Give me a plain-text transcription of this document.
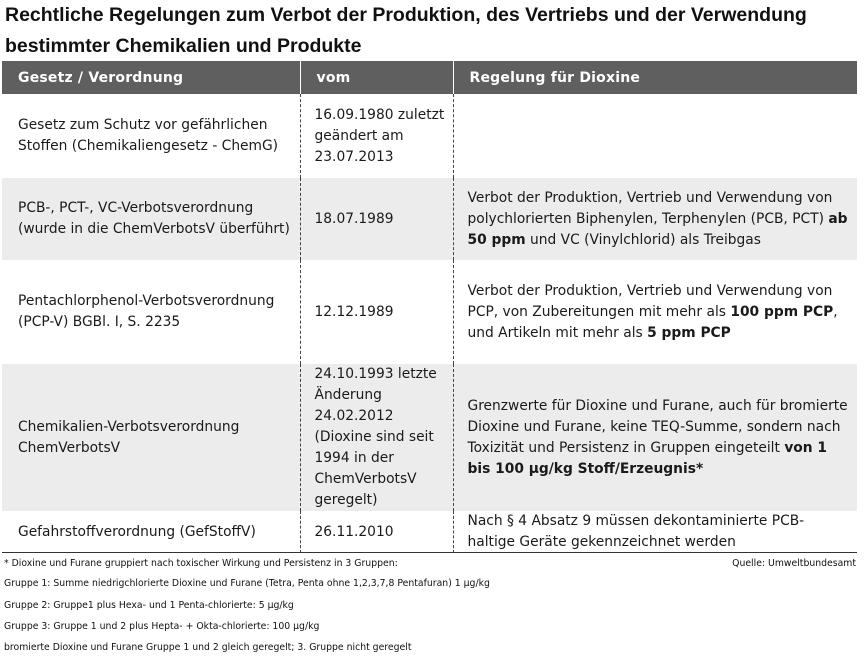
Rechtliche Regelungen zum Verbot der Produktion, des Vertriebs und der Verwendung bestimmter Chemikalien und Produkte
Gesetz / Verordnung	vom	Regelung für Dioxine
Gesetz zum Schutz vor gefährlichen Stoffen (Chemikaliengesetz - ChemG)	16.09.1980 zuletzt geändert am 23.07.2013	
PCB-, PCT-, VC-Verbotsverordnung (wurde in die ChemVerbotsV überführt)	18.07.1989	Verbot der Produktion, Vertrieb und Verwendung von polychlorierten Biphenylen, Terphenylen (PCB, PCT) ab 50 ppm und VC (Vinylchlorid) als Treibgas
Pentachlorphenol-Verbotsverordnung (PCP-V) BGBl. I, S. 2235	12.12.1989	Verbot der Produktion, Vertrieb und Verwendung von PCP, von Zubereitungen mit mehr als 100 ppm PCP, und Artikeln mit mehr als 5 ppm PCP
Chemikalien-Verbotsverordnung ChemVerbotsV	24.10.1993 letzte Änderung 24.02.2012 (Dioxine sind seit 1994 in der ChemVerbotsV geregelt)	Grenzwerte für Dioxine und Furane, auch für bromierte Dioxine und Furane, keine TEQ-Summe, sondern nach Toxizität und Persistenz in Gruppen eingeteilt von 1 bis 100 µg/kg Stoff/Erzeugnis*
Gefahrstoffverordnung (GefStoffV)	26.11.2010	Nach § 4 Absatz 9 müssen dekontaminierte PCB-haltige Geräte gekennzeichnet werden
* Dioxine und Furane gruppiert nach toxischer Wirkung und Persistenz in 3 Gruppen:	Quelle: Umweltbundesamt
Gruppe 1: Summe niedrigchlorierte Dioxine und Furane (Tetra, Penta ohne 1,2,3,7,8 Pentafuran) 1 µg/kg
Gruppe 2: Gruppe1 plus Hexa- und 1 Penta-chlorierte: 5 µg/kg
Gruppe 3: Gruppe 1 und 2 plus Hepta- + Okta-chlorierte: 100 µg/kg
bromierte Dioxine und Furane Gruppe 1 und 2 gleich geregelt; 3. Gruppe nicht geregelt
